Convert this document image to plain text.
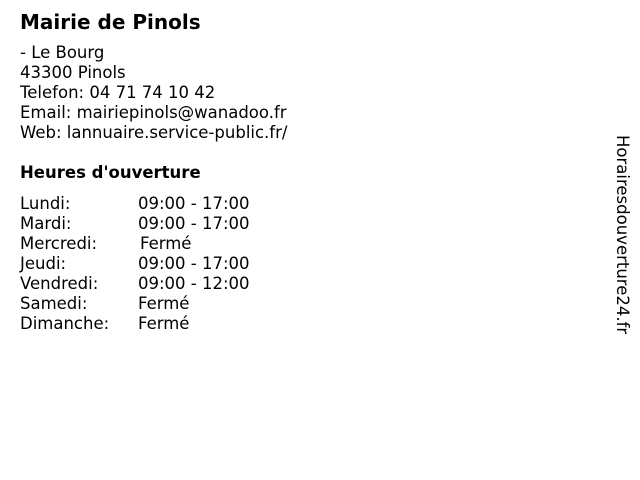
Mairie de Pinols
- Le Bourg
43300 Pinols
Telefon: 04 71 74 10 42
Email: mairiepinols@wanadoo.fr
Web: lannuaire.service-public.fr/
Heures d'ouverture
Lundi:	09:00 - 17:00
Mardi:	09:00 - 17:00
Mercredi:	Fermé
Jeudi:	09:00 - 17:00
Vendredi: 09:00 - 12:00
Samedi:	Fermé
Dimanche: Fermé	Horairesdouverture24.fr
